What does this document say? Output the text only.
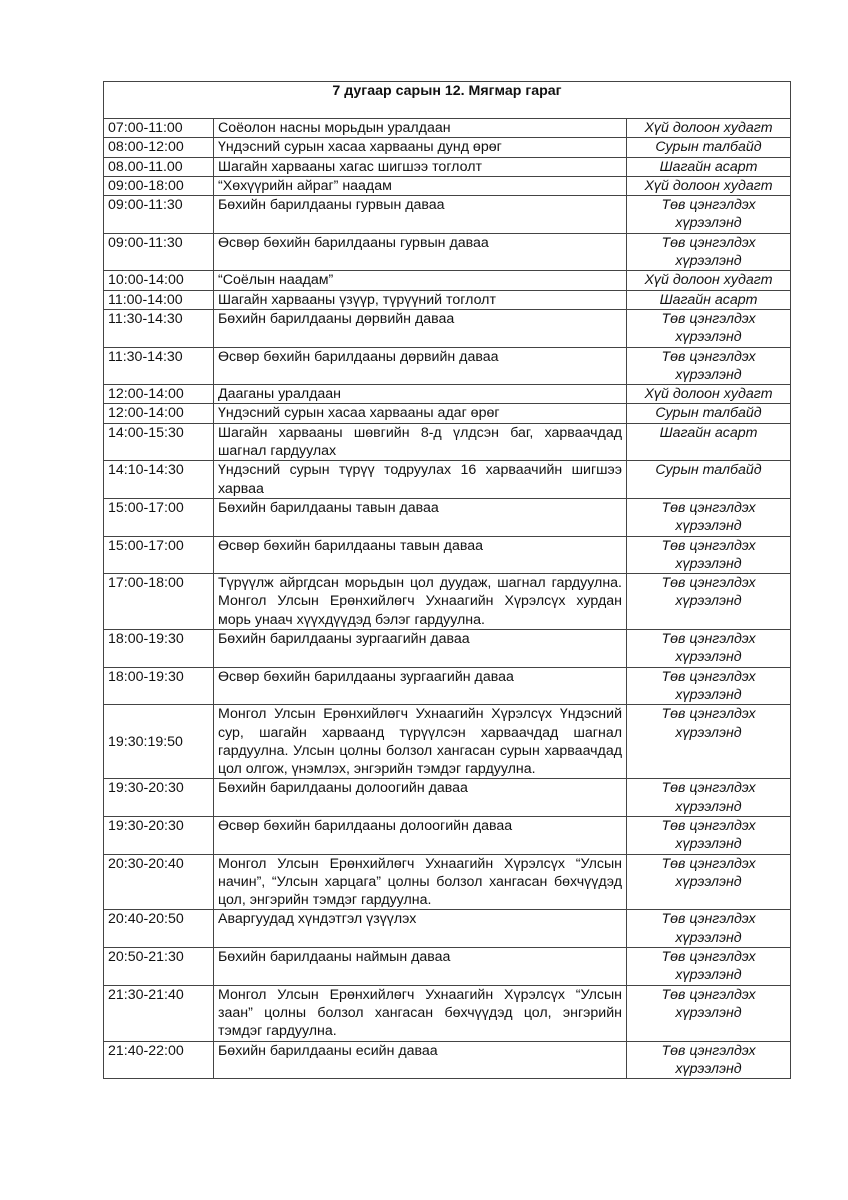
7 дугаар сарын 12. Мягмар гараг		
07:00-11:00	Соёолон насны морьдын уралдаан	Хүй долоон худагт
08:00-12:00	Үндэсний сурын хасаа харвааны дунд өрөг	Сурын талбайд
08.00-11.00	Шагайн харвааны хагас шигшээ тоглолт	Шагайн асарт
09:00-18:00	“Хөхүүрийн айраг” наадам	Хүй долоон худагт
09:00-11:30	Бөхийн барилдааны гурвын даваа	Төв цэнгэлдэх хүрээлэнд
09:00-11:30	Өсвөр бөхийн барилдааны гурвын даваа	Төв цэнгэлдэх хүрээлэнд
10:00-14:00	“Соёлын наадам”	Хүй долоон худагт
11:00-14:00	Шагайн харвааны үзүүр, түрүүний тоглолт	Шагайн асарт
11:30-14:30	Бөхийн барилдааны дөрвийн даваа	Төв цэнгэлдэх хүрээлэнд
11:30-14:30	Өсвөр бөхийн барилдааны дөрвийн даваа	Төв цэнгэлдэх хүрээлэнд
12:00-14:00	Дааганы уралдаан	Хүй долоон худагт
12:00-14:00	Үндэсний сурын хасаа харвааны адаг өрөг	Сурын талбайд
14:00-15:30	Шагайн харвааны шөвгийн 8-д үлдсэн баг, харваачдад шагнал гардуулах	Шагайн асарт
14:10-14:30	Үндэсний сурын түрүү тодруулах 16 харваачийн шигшээ харваа	Сурын талбайд
15:00-17:00	Бөхийн барилдааны тавын даваа	Төв цэнгэлдэх хүрээлэнд
15:00-17:00	Өсвөр бөхийн барилдааны тавын даваа	Төв цэнгэлдэх хүрээлэнд
17:00-18:00	Түрүүлж айргдсан морьдын цол дуудаж, шагнал гардуулна. Монгол Улсын Ерөнхийлөгч Ухнаагийн Хүрэлсүх хурдан морь унаач хүүхдүүдэд бэлэг гардуулна.	Төв цэнгэлдэх хүрээлэнд
18:00-19:30	Бөхийн барилдааны зургаагийн даваа	Төв цэнгэлдэх хүрээлэнд
18:00-19:30	Өсвөр бөхийн барилдааны зургаагийн даваа	Төв цэнгэлдэх хүрээлэнд
19:30:19:50	Монгол Улсын Ерөнхийлөгч Ухнаагийн Хүрэлсүх Үндэсний сур, шагайн харвaанд түрүүлсэн харваачдад шагнал гардуулна. Улсын цолны болзол хангасан сурын харваачдад цол олгож, үнэмлэх, энгэрийн тэмдэг гардуулна.	Төв цэнгэлдэх хүрээлэнд
19:30-20:30	Бөхийн барилдааны долоогийн даваа	Төв цэнгэлдэх хүрээлэнд
19:30-20:30	Өсвөр бөхийн барилдааны долоогийн даваа	Төв цэнгэлдэх хүрээлэнд
20:30-20:40	Монгол Улсын Ерөнхийлөгч Ухнаагийн Хүрэлсүх “Улсын начин”, “Улсын харцага” цолны болзол хангасан бөхчүүдэд цол, энгэрийн тэмдэг гардуулна.	Төв цэнгэлдэх хүрээлэнд
20:40-20:50	Аваргуудад хүндэтгэл үзүүлэх	Төв цэнгэлдэх хүрээлэнд
20:50-21:30	Бөхийн барилдааны наймын даваа	Төв цэнгэлдэх хүрээлэнд
21:30-21:40	Монгол Улсын Ерөнхийлөгч Ухнаагийн Хүрэлсүх “Улсын заан” цолны болзол хангасан бөхчүүдэд цол, энгэрийн тэмдэг гардуулна.	Төв цэнгэлдэх хүрээлэнд
21:40-22:00	Бөхийн барилдааны есийн даваа	Төв цэнгэлдэх хүрээлэнд
